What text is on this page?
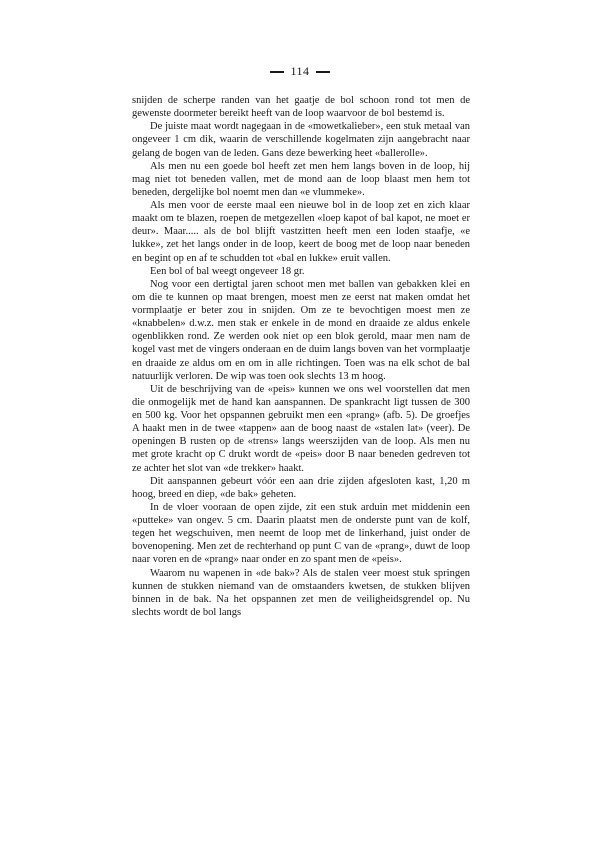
114

snijden de scherpe randen van het gaatje de bol schoon rond tot men de gewenste doormeter bereikt heeft van de loop waarvoor de bol bestemd is.

De juiste maat wordt nagegaan in de «mowetkalieber», een stuk metaal van ongeveer 1 cm dik, waarin de verschillende kogelmaten zijn aangebracht naar gelang de bogen van de leden. Gans deze bewerking heet «ballerolle».

Als men nu een goede bol heeft zet men hem langs boven in de loop, hij mag niet tot beneden vallen, met de mond aan de loop blaast men hem tot beneden, dergelijke bol noemt men dan «e vlummeke».

Als men voor de eerste maal een nieuwe bol in de loop zet en zich klaar maakt om te blazen, roepen de metgezellen «loep kapot of bal kapot, ne moet er deur». Maar..... als de bol blijft vastzitten heeft men een loden staafje, «e lukke», zet het langs onder in de loop, keert de boog met de loop naar beneden en begint op en af te schudden tot «bal en lukke» eruit vallen.

Een bol of bal weegt ongeveer 18 gr.

Nog voor een dertigtal jaren schoot men met ballen van gebakken klei en om die te kunnen op maat brengen, moest men ze eerst nat maken omdat het vormplaatje er beter zou in snijden. Om ze te bevochtigen moest men ze «knabbelen» d.w.z. men stak er enkele in de mond en draaide ze aldus enkele ogenblikken rond. Ze werden ook niet op een blok gerold, maar men nam de kogel vast met de vingers onderaan en de duim langs boven van het vormplaatje en draaide ze aldus om en om in alle richtingen. Toen was na elk schot de bal natuurlijk verloren. De wip was toen ook slechts 13 m hoog.

Uit de beschrijving van de «peis» kunnen we ons wel voorstellen dat men die onmogelijk met de hand kan aanspannen. De spankracht ligt tussen de 300 en 500 kg. Voor het opspannen gebruikt men een «prang» (afb. 5). De groefjes A haakt men in de twee «tappen» aan de boog naast de «stalen lat» (veer). De openingen B rusten op de «trens» langs weerszijden van de loop. Als men nu met grote kracht op C drukt wordt de «peis» door B naar beneden gedreven tot ze achter het slot van «de trekker» haakt.

Dit aanspannen gebeurt vóór een aan drie zijden afgesloten kast, 1,20 m hoog, breed en diep, «de bak» geheten.

In de vloer vooraan de open zijde, zit een stuk arduin met middenin een «putteke» van ongev. 5 cm. Daarin plaatst men de onderste punt van de kolf, tegen het wegschuiven, men neemt de loop met de linkerhand, juist onder de bovenopening. Men zet de rechterhand op punt C van de «prang», duwt de loop naar voren en de «prang» naar onder en zo spant men de «peis».

Waarom nu wapenen in «de bak»? Als de stalen veer moest stuk springen kunnen de stukken niemand van de omstaanders kwetsen, de stukken blijven binnen in de bak. Na het opspannen zet men de veiligheidsgrendel op. Nu slechts wordt de bol langs
